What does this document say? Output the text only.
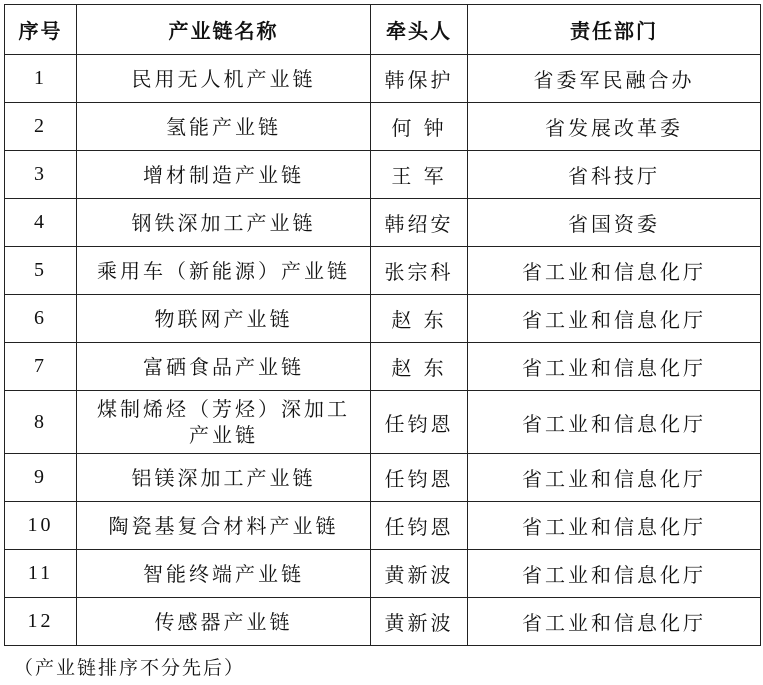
序号	产业链名称	牵头人	责任部门
1	民用无人机产业链	韩保护	省委军民融合办
2	氢能产业链	何 钟	省发展改革委
3	增材制造产业链	王 军	省科技厅
4	钢铁深加工产业链	韩绍安	省国资委
5	乘用车（新能源）产业链	张宗科	省工业和信息化厅
6	物联网产业链	赵 东	省工业和信息化厅
7	富硒食品产业链	赵 东	省工业和信息化厅
8	煤制烯烃（芳烃）深加工产业链	任钧恩	省工业和信息化厅
9	铝镁深加工产业链	任钧恩	省工业和信息化厅
10	陶瓷基复合材料产业链	任钧恩	省工业和信息化厅
11	智能终端产业链	黄新波	省工业和信息化厅
12	传感器产业链	黄新波	省工业和信息化厅
（产业链排序不分先后）
